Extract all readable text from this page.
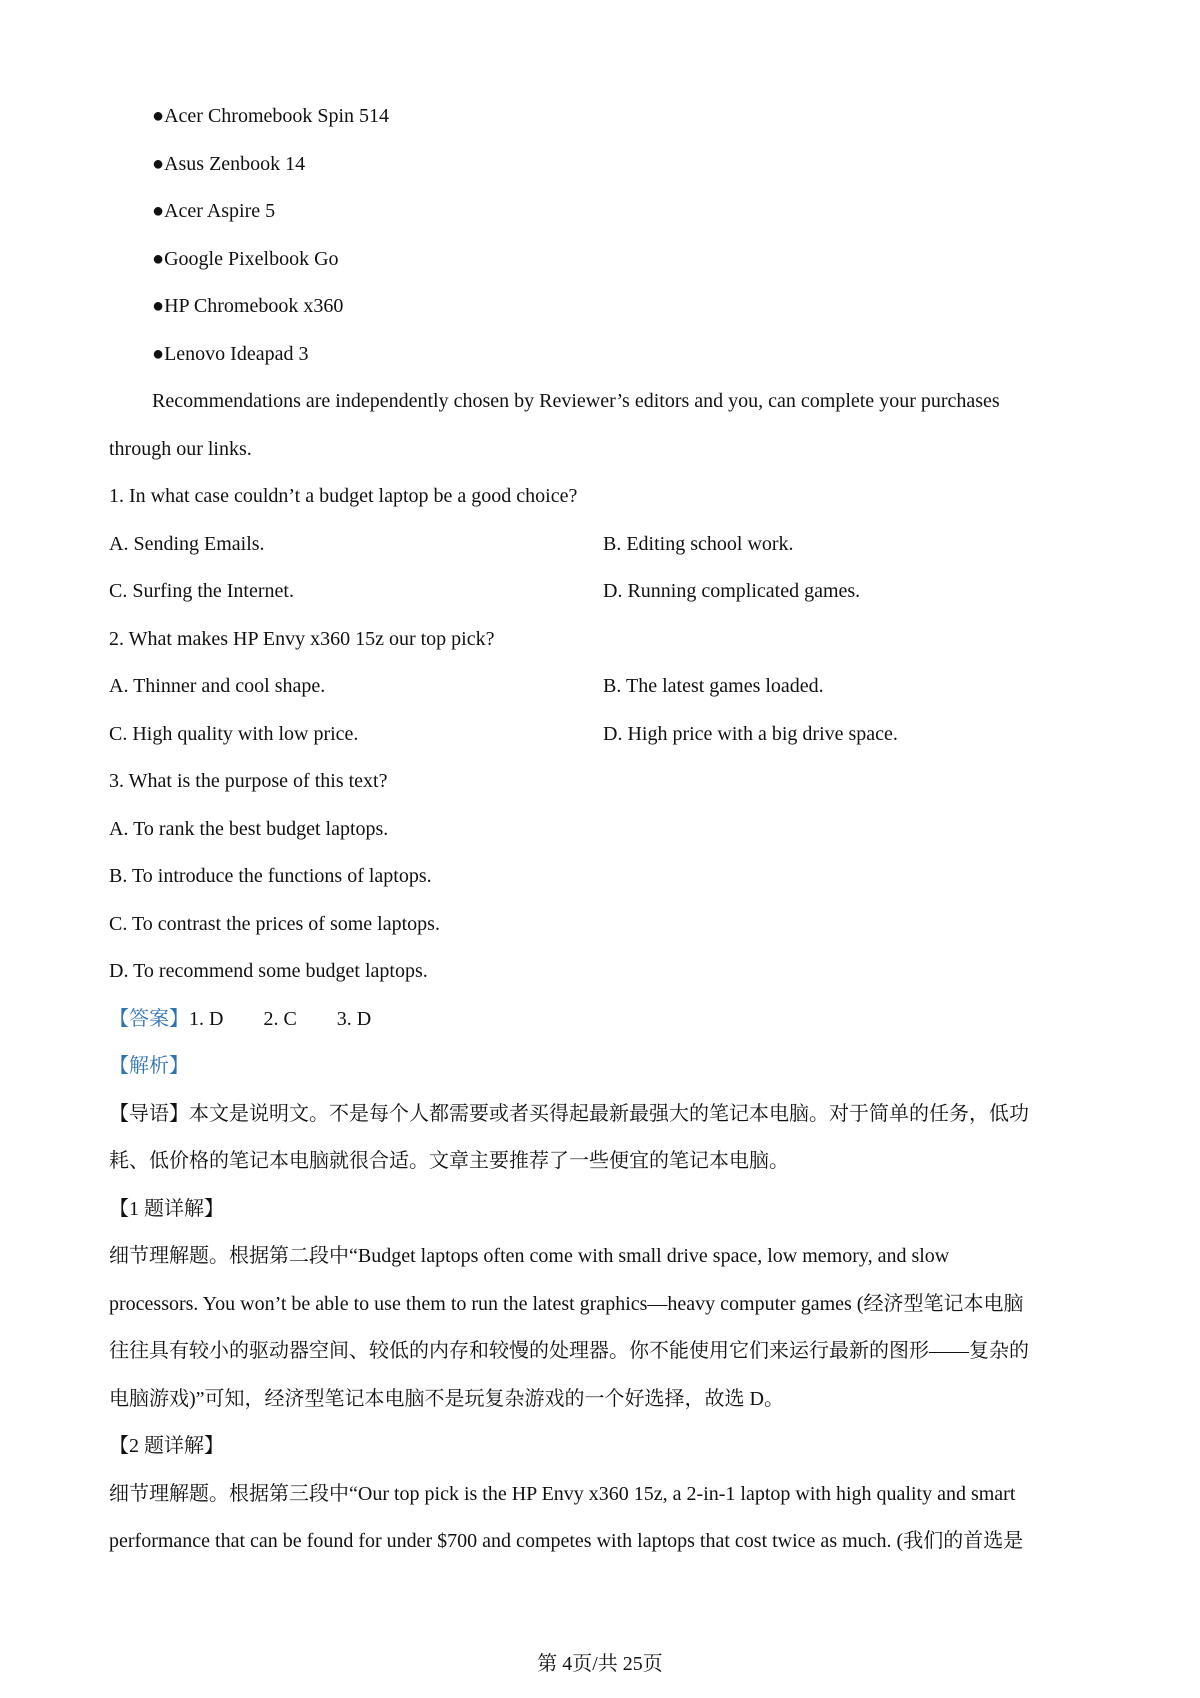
●Acer Chromebook Spin 514
●Asus Zenbook 14
●Acer Aspire 5
●Google Pixelbook Go
●HP Chromebook x360
●Lenovo Ideapad 3
Recommendations are independently chosen by Reviewer’s editors and you, can complete your purchases
through our links.
1. In what case couldn’t a budget laptop be a good choice?
A. Sending Emails.	B. Editing school work.
C. Surfing the Internet.	D. Running complicated games.
2. What makes HP Envy x360 15z our top pick?
A. Thinner and cool shape.	B. The latest games loaded.
C. High quality with low price.	D. High price with a big drive space.
3. What is the purpose of this text?
A. To rank the best budget laptops.
B. To introduce the functions of laptops.
C. To contrast the prices of some laptops.
D. To recommend some budget laptops.
【答案】1. D 2. C 3. D
【解析】
【导语】本文是说明文。不是每个人都需要或者买得起最新最强大的笔记本电脑。对于简单的任务，低功
耗、低价格的笔记本电脑就很合适。文章主要推荐了一些便宜的笔记本电脑。
【1 题详解】
细节理解题。根据第二段中“Budget laptops often come with small drive space, low memory, and slow
processors. You won’t be able to use them to run the latest graphics—heavy computer games (经济型笔记本电脑
往往具有较小的驱动器空间、较低的内存和较慢的处理器。你不能使用它们来运行最新的图形——复杂的
电脑游戏)”可知，经济型笔记本电脑不是玩复杂游戏的一个好选择，故选 D。
【2 题详解】
细节理解题。根据第三段中“Our top pick is the HP Envy x360 15z, a 2-in-1 laptop with high quality and smart
performance that can be found for under $700 and competes with laptops that cost twice as much. (我们的首选是
第 4页/共 25页
